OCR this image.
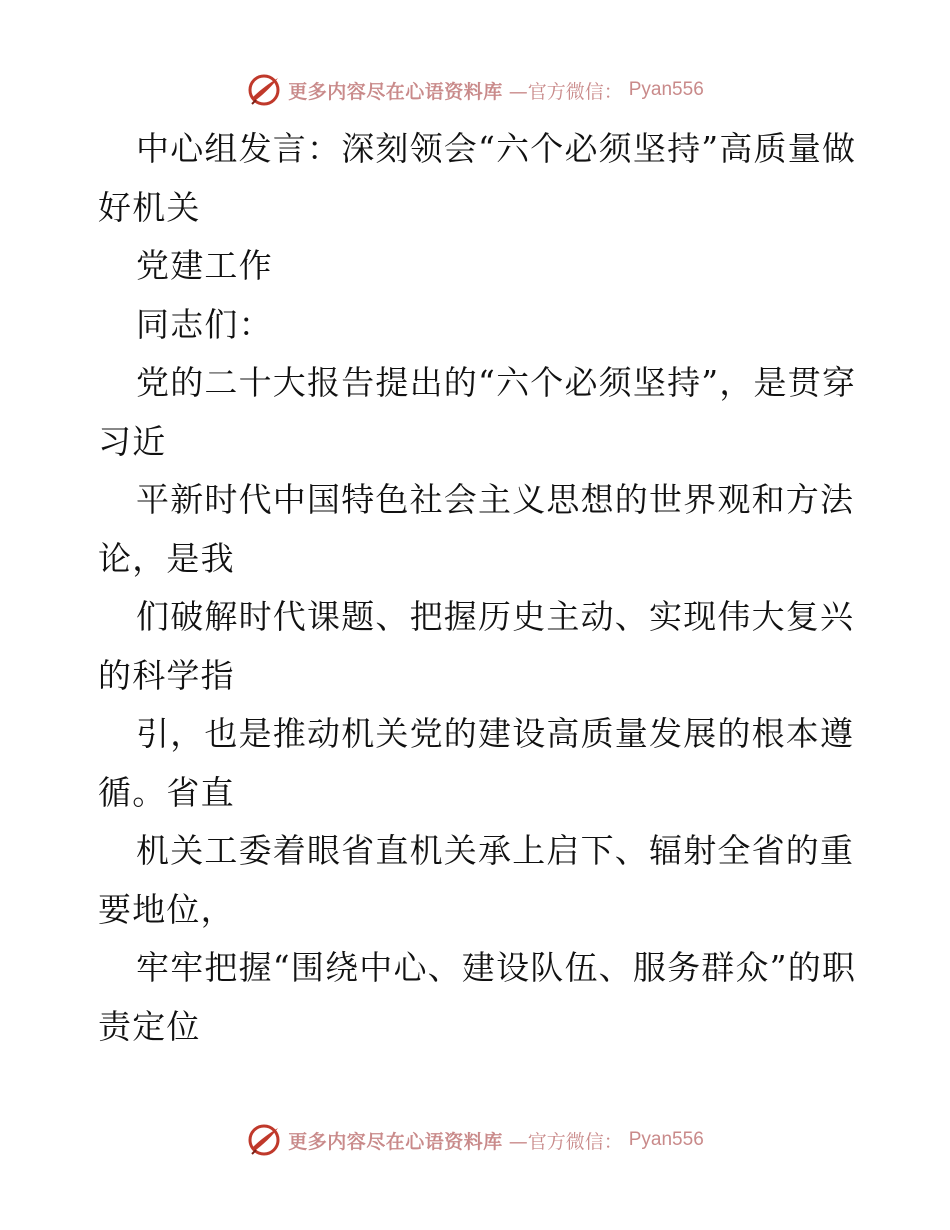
更多内容尽在心语资料库 —官方微信： Pyan556

中心组发言：深刻领会“六个必须坚持”高质量做好机关

党建工作

同志们：

党的二十大报告提出的“六个必须坚持”，是贯穿习近

平新时代中国特色社会主义思想的世界观和方法论，是我

们破解时代课题、把握历史主动、实现伟大复兴的科学指

引，也是推动机关党的建设高质量发展的根本遵循。省直

机关工委着眼省直机关承上启下、辐射全省的重要地位，

牢牢把握“围绕中心、建设队伍、服务群众”的职责定位

更多内容尽在心语资料库 —官方微信： Pyan556
